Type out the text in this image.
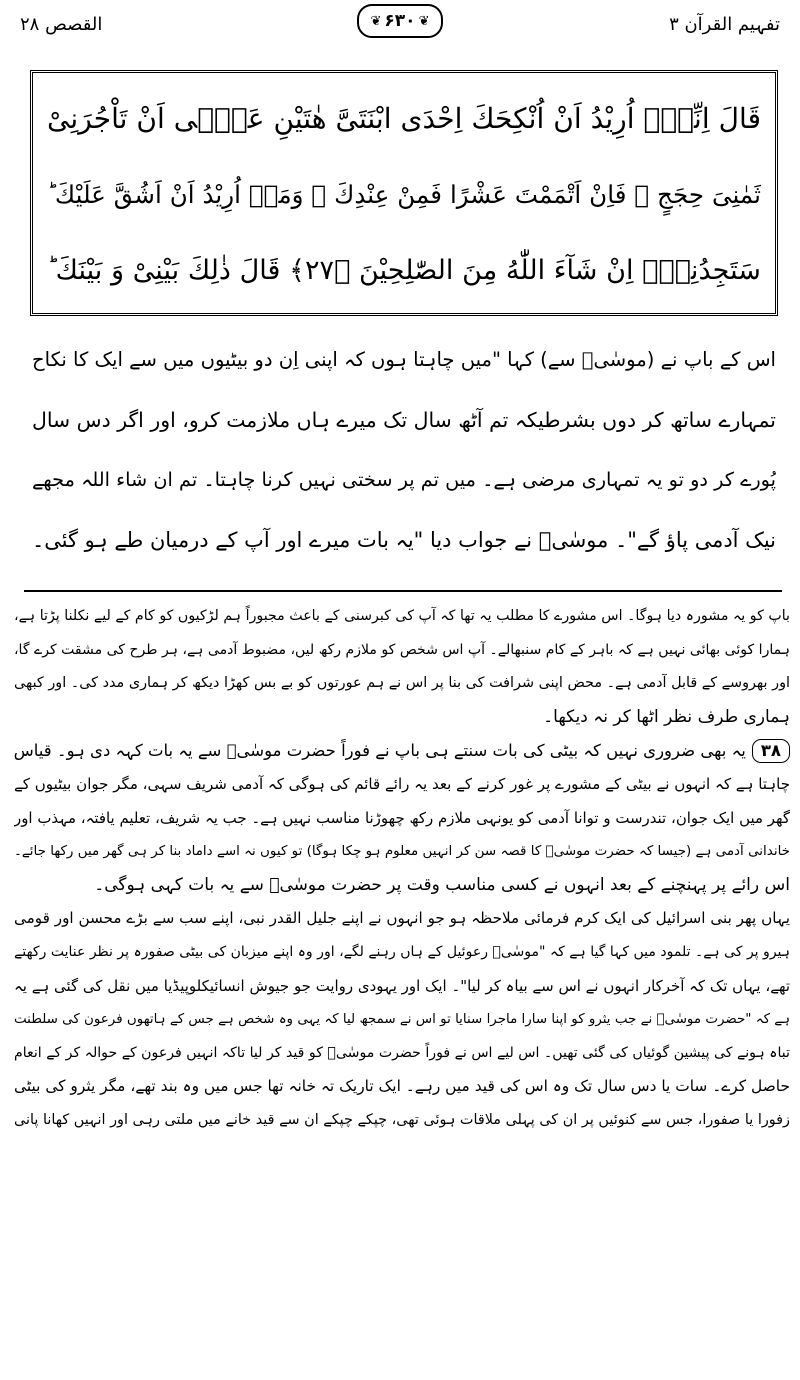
تفہیم القرآن ۳
❦ ۶۳۰ ❦
القصص ۲۸
قَالَ اِنِّیْۤ اُرِیْدُ اَنْ اُنْكِحَكَ اِحْدَى ابْنَتَیَّ هٰتَیْنِ عَلٰۤى اَنْ تَاْجُرَنِیْ
ثَمٰنِیَ حِجَجٍ ۚ فَاِنْ اَتْمَمْتَ عَشْرًا فَمِنْ عِنْدِكَ ۚ وَمَاۤ اُرِیْدُ اَنْ اَشُقَّ عَلَیْكَ ؕ
سَتَجِدُنِیْۤ اِنْ شَآءَ اللّٰهُ مِنَ الصّٰلِحِیْنَ ﴿۲۷﴾ قَالَ ذٰلِكَ بَیْنِیْ وَ بَیْنَكَ ؕ
اس کے باپ نے (موسٰیؑ سے) کہا "میں چاہتا ہوں کہ اپنی اِن دو بیٹیوں میں سے ایک کا نکاح
تمہارے ساتھ کر دوں بشرطیکہ تم آٹھ سال تک میرے ہاں ملازمت کرو، اور اگر دس سال
پُورے کر دو تو یہ تمہاری مرضی ہے۔ میں تم پر سختی نہیں کرنا چاہتا۔ تم ان شاء اللہ مجھے
نیک آدمی پاؤ گے"۔ موسٰیؑ نے جواب دیا "یہ بات میرے اور آپ کے درمیان طے ہو گئی۔
باپ کو یہ مشورہ دیا ہوگا۔ اس مشورے کا مطلب یہ تھا کہ آپ کی کبرسنی کے باعث مجبوراً ہم لڑکیوں کو کام کے لیے نکلنا پڑتا ہے،
ہمارا کوئی بھائی نہیں ہے کہ باہر کے کام سنبھالے۔ آپ اس شخص کو ملازم رکھ لیں، مضبوط آدمی ہے، ہر طرح کی مشقت کرے گا،
اور بھروسے کے قابل آدمی ہے۔ محض اپنی شرافت کی بنا پر اس نے ہم عورتوں کو بے بس کھڑا دیکھ کر ہماری مدد کی۔ اور کبھی
ہماری طرف نظر اٹھا کر نہ دیکھا۔
۳۸یہ بھی ضروری نہیں کہ بیٹی کی بات سنتے ہی باپ نے فوراً حضرت موسٰیؑ سے یہ بات کہہ دی ہو۔ قیاس
چاہتا ہے کہ انہوں نے بیٹی کے مشورے پر غور کرنے کے بعد یہ رائے قائم کی ہوگی کہ آدمی شریف سہی، مگر جوان بیٹیوں کے
گھر میں ایک جوان، تندرست و توانا آدمی کو یونہی ملازم رکھ چھوڑنا مناسب نہیں ہے۔ جب یہ شریف، تعلیم یافتہ، مہذب اور
خاندانی آدمی ہے (جیسا کہ حضرت موسٰیؑ کا قصہ سن کر انہیں معلوم ہو چکا ہوگا) تو کیوں نہ اسے داماد بنا کر ہی گھر میں رکھا جائے۔
اس رائے پر پہنچنے کے بعد انہوں نے کسی مناسب وقت پر حضرت موسٰیؑ سے یہ بات کہی ہوگی۔
یہاں پھر بنی اسرائیل کی ایک کرم فرمائی ملاحظہ ہو جو انہوں نے اپنے جلیل القدر نبی، اپنے سب سے بڑے محسن اور قومی
ہیرو پر کی ہے۔ تلمود میں کہا گیا ہے کہ "موسٰیؑ رعوئیل کے ہاں رہنے لگے، اور وہ اپنے میزبان کی بیٹی صفورہ پر نظر عنایت رکھتے
تھے، یہاں تک کہ آخرکار انہوں نے اس سے بیاہ کر لیا"۔ ایک اور یہودی روایت جو جیوش انسائیکلوپیڈیا میں نقل کی گئی ہے یہ
ہے کہ "حضرت موسٰیؑ نے جب یثرو کو اپنا سارا ماجرا سنایا تو اس نے سمجھ لیا کہ یہی وہ شخص ہے جس کے ہاتھوں فرعون کی سلطنت
تباہ ہونے کی پیشین گوئیاں کی گئی تھیں۔ اس لیے اس نے فوراً حضرت موسٰیؑ کو قید کر لیا تاکہ انہیں فرعون کے حوالہ کر کے انعام
حاصل کرے۔ سات یا دس سال تک وہ اس کی قید میں رہے۔ ایک تاریک تہ خانہ تھا جس میں وہ بند تھے، مگر یثرو کی بیٹی
زفورا یا صفورا، جس سے کنوئیں پر ان کی پہلی ملاقات ہوئی تھی، چپکے چپکے ان سے قید خانے میں ملتی رہی اور انہیں کھانا پانی
